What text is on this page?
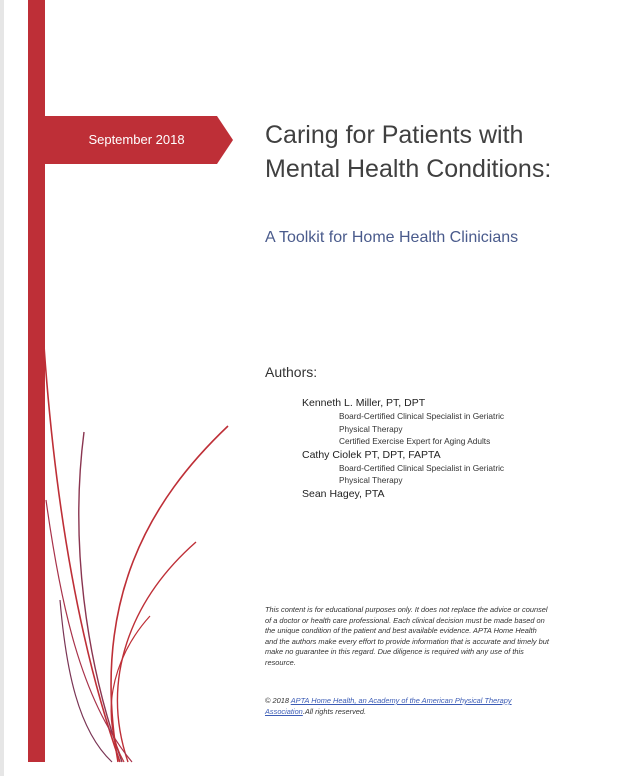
September 2018	Caring for Patients with Mental Health Conditions:
A Toolkit for Home Health Clinicians
Authors:
Kenneth L. Miller, PT, DPT
Board-Certified Clinical Specialist in Geriatric
Physical Therapy
Certified Exercise Expert for Aging Adults
Cathy Ciolek PT, DPT, FAPTA
Board-Certified Clinical Specialist in Geriatric
Physical Therapy
Sean Hagey, PTA
This content is for educational purposes only. It does not replace the advice or counsel of a doctor or health care professional. Each clinical decision must be made based on the unique condition of the patient and best available evidence. APTA Home Health and the authors make every effort to provide information that is accurate and timely but make no guarantee in this regard. Due diligence is required with any use of this resource.
© 2018 APTA Home Health, an Academy of the American Physical Therapy Association.All rights reserved.
